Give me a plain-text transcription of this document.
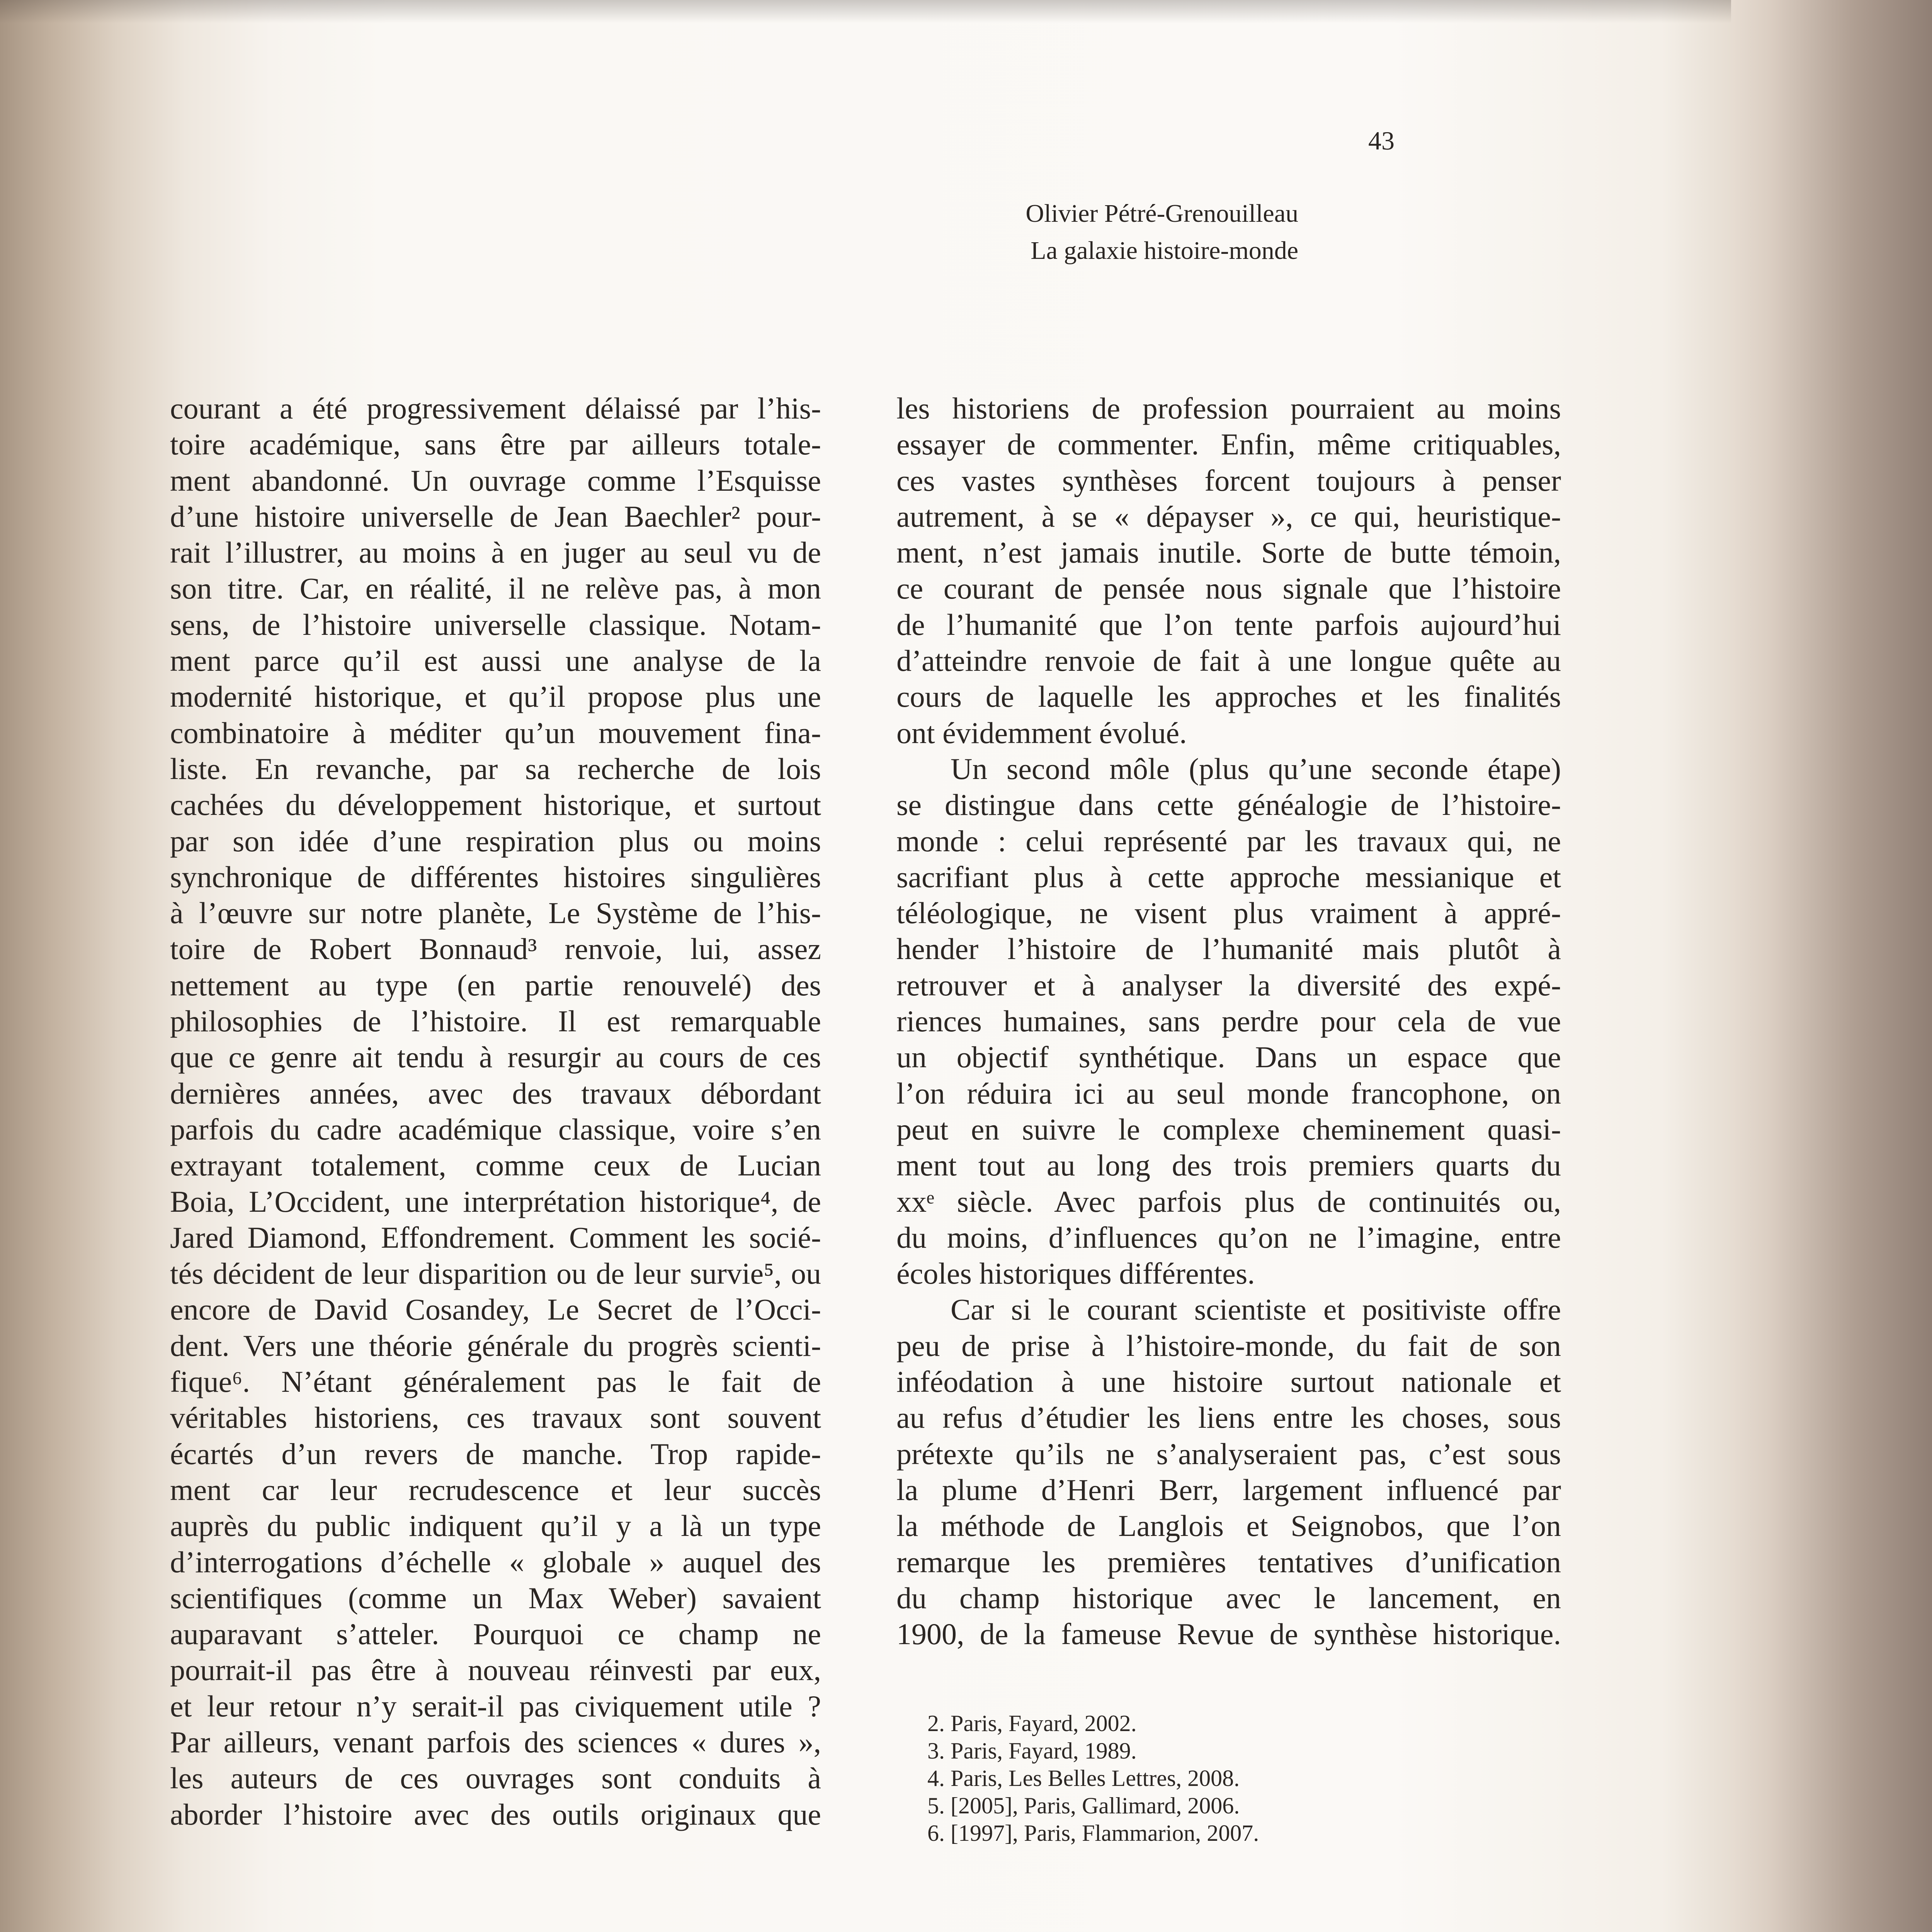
43
Olivier Pétré-Grenouilleau
La galaxie histoire-monde
courant a été progressivement délaissé par l’his-
toire académique, sans être par ailleurs totale-
ment abandonné. Un ouvrage comme l’Esquisse
d’une histoire universelle de Jean Baechler² pour-
rait l’illustrer, au moins à en juger au seul vu de
son titre. Car, en réalité, il ne relève pas, à mon
sens, de l’histoire universelle classique. Notam-
ment parce qu’il est aussi une analyse de la
modernité historique, et qu’il propose plus une
combinatoire à méditer qu’un mouvement fina-
liste. En revanche, par sa recherche de lois
cachées du développement historique, et surtout
par son idée d’une respiration plus ou moins
synchronique de différentes histoires singulières
à l’œuvre sur notre planète, Le Système de l’his-
toire de Robert Bonnaud³ renvoie, lui, assez
nettement au type (en partie renouvelé) des
philosophies de l’histoire. Il est remarquable
que ce genre ait tendu à resurgir au cours de ces
dernières années, avec des travaux débordant
parfois du cadre académique classique, voire s’en
extrayant totalement, comme ceux de Lucian
Boia, L’Occident, une interprétation historique⁴, de
Jared Diamond, Effondrement. Comment les socié-
tés décident de leur disparition ou de leur survie⁵, ou
encore de David Cosandey, Le Secret de l’Occi-
dent. Vers une théorie générale du progrès scienti-
fique⁶. N’étant généralement pas le fait de
véritables historiens, ces travaux sont souvent
écartés d’un revers de manche. Trop rapide-
ment car leur recrudescence et leur succès
auprès du public indiquent qu’il y a là un type
d’interrogations d’échelle « globale » auquel des
scientifiques (comme un Max Weber) savaient
auparavant s’atteler. Pourquoi ce champ ne
pourrait-il pas être à nouveau réinvesti par eux,
et leur retour n’y serait-il pas civiquement utile ?
Par ailleurs, venant parfois des sciences « dures »,
les auteurs de ces ouvrages sont conduits à
aborder l’histoire avec des outils originaux que
les historiens de profession pourraient au moins
essayer de commenter. Enfin, même critiquables,
ces vastes synthèses forcent toujours à penser
autrement, à se « dépayser », ce qui, heuristique-
ment, n’est jamais inutile. Sorte de butte témoin,
ce courant de pensée nous signale que l’histoire
de l’humanité que l’on tente parfois aujourd’hui
d’atteindre renvoie de fait à une longue quête au
cours de laquelle les approches et les finalités
ont évidemment évolué.
Un second môle (plus qu’une seconde étape)
se distingue dans cette généalogie de l’histoire-
monde : celui représenté par les travaux qui, ne
sacrifiant plus à cette approche messianique et
téléologique, ne visent plus vraiment à appré-
hender l’histoire de l’humanité mais plutôt à
retrouver et à analyser la diversité des expé-
riences humaines, sans perdre pour cela de vue
un objectif synthétique. Dans un espace que
l’on réduira ici au seul monde francophone, on
peut en suivre le complexe cheminement quasi-
ment tout au long des trois premiers quarts du
xxᵉ siècle. Avec parfois plus de continuités ou,
du moins, d’influences qu’on ne l’imagine, entre
écoles historiques différentes.
Car si le courant scientiste et positiviste offre
peu de prise à l’histoire-monde, du fait de son
inféodation à une histoire surtout nationale et
au refus d’étudier les liens entre les choses, sous
prétexte qu’ils ne s’analyseraient pas, c’est sous
la plume d’Henri Berr, largement influencé par
la méthode de Langlois et Seignobos, que l’on
remarque les premières tentatives d’unification
du champ historique avec le lancement, en
1900, de la fameuse Revue de synthèse historique.
2. Paris, Fayard, 2002.
3. Paris, Fayard, 1989.
4. Paris, Les Belles Lettres, 2008.
5. [2005], Paris, Gallimard, 2006.
6. [1997], Paris, Flammarion, 2007.
